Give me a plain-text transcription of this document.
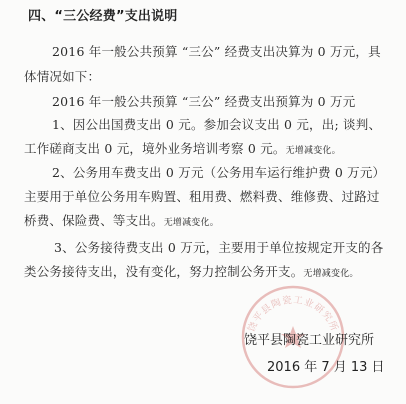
四、“三公经费”支出说明
2016 年一般公共预算 “三公” 经费支出决算为 0 万元，具
体情况如下：
2016 年一般公共预算 “三公” 经费支出预算为 0 万元
1、因公出国费支出 0 元。参加会议支出 0 元，出; 谈判、
工作磋商支出 0 元，境外业务培训考察 0 元。无增减变化。
2、公务用车费支出 0 万元（公务用车运行维护费 0 万元）
主要用于单位公务用车购置、租用费、燃料费、维修费、过路过
桥费、保险费、等支出。无增减变化。
3、公务接待费支出 0 万元，主要用于单位按规定开支的各
类公务接待支出，没有变化，努力控制公务开支。无增减变化。
饶平县陶瓷工业研究所
饶平县陶瓷工业研究所
2016 年 7 月 13 日
